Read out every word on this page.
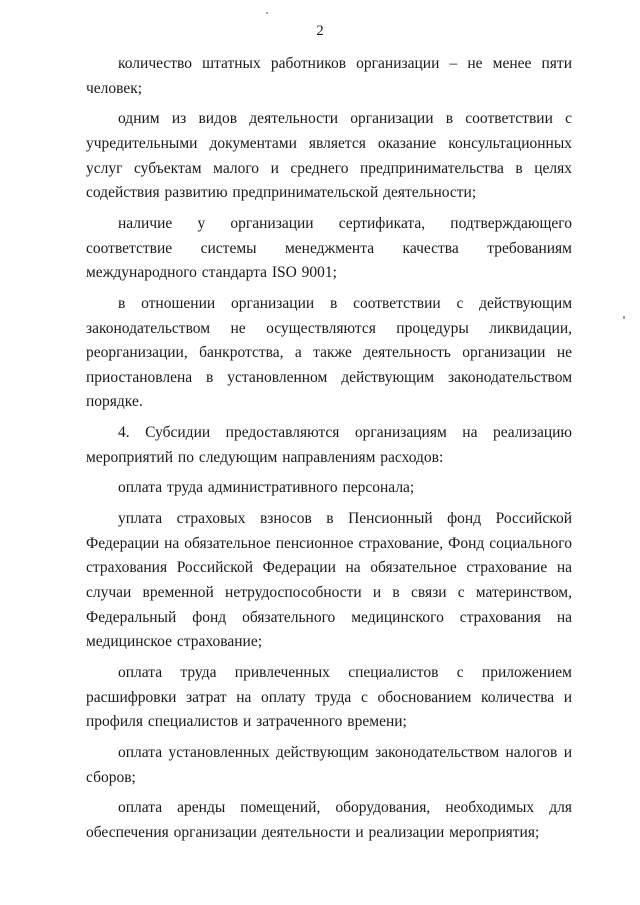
2

количество штатных работников организации – не менее пяти человек;

одним из видов деятельности организации в соответствии с учредительными документами является оказание консультационных услуг субъектам малого и среднего предпринимательства в целях содействия развитию предпринимательской деятельности;

наличие у организации сертификата, подтверждающего соответствие системы менеджмента качества требованиям международного стандарта ISO 9001;

в отношении организации в соответствии с действующим законодательством не осуществляются процедуры ликвидации, реорганизации, банкротства, а также деятельность организации не приостановлена в установленном действующим законодательством порядке.

4. Субсидии предоставляются организациям на реализацию мероприятий по следующим направлениям расходов:

оплата труда административного персонала;

уплата страховых взносов в Пенсионный фонд Российской Федерации на обязательное пенсионное страхование, Фонд социального страхования Российской Федерации на обязательное страхование на случаи временной нетрудоспособности и в связи с материнством, Федеральный фонд обязательного медицинского страхования на медицинское страхование;

оплата труда привлеченных специалистов с приложением расшифровки затрат на оплату труда с обоснованием количества и профиля специалистов и затраченного времени;

оплата установленных действующим законодательством налогов и сборов;

оплата аренды помещений, оборудования, необходимых для обеспечения организации деятельности и реализации мероприятия;
